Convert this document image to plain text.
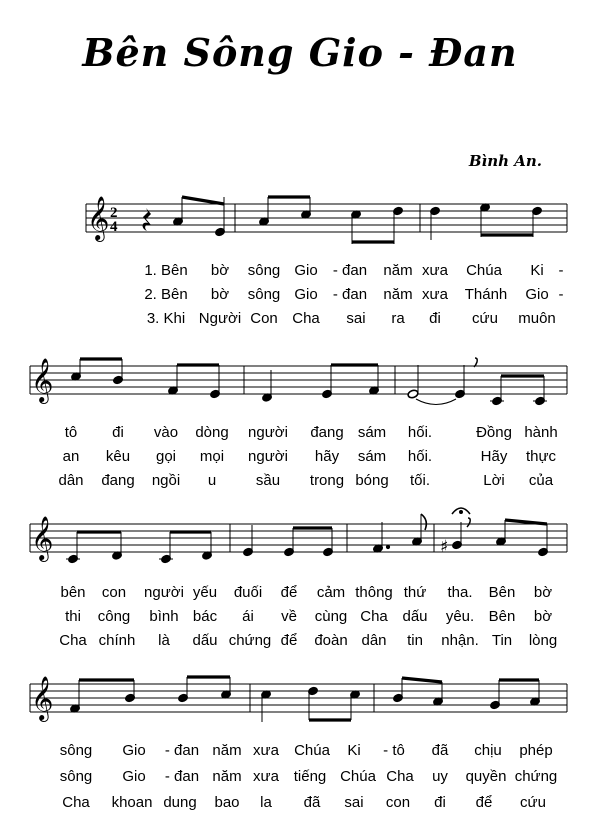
Bên Sông Gio - Đan
Bình An.
𝄞 2
4
1. Bên bờ sông Gio - đan năm xưa Chúa Ki -
2. Bên bờ sông Gio - đan năm xưa Thánh Gio -
3. Khi Người Con Cha sai ra đi cứu muôn
𝄞
tô đi vào dòng người đang sám hối.	Đồng hành
an kêu gọi mọi người hãy sám hối.	Hãy thực
dân đang ngồi u	sầu trong bóng tối.	Lời của
𝄞	♯
bên con người yếu đuối để cảm thông thứ tha. Bên bờ
thi công bình bác ái về cùng Cha dấu yêu. Bên bờ
Cha chính là dấu chứng để đoàn dân tin nhận. Tin lòng
𝄞
sông Gio - đan năm xưa Chúa Ki - tô đã chịu phép
sông Gio - đan năm xưa tiếng Chúa Cha uy quyền chứng
Cha khoan dung bao la đã sai con đi để cứu
